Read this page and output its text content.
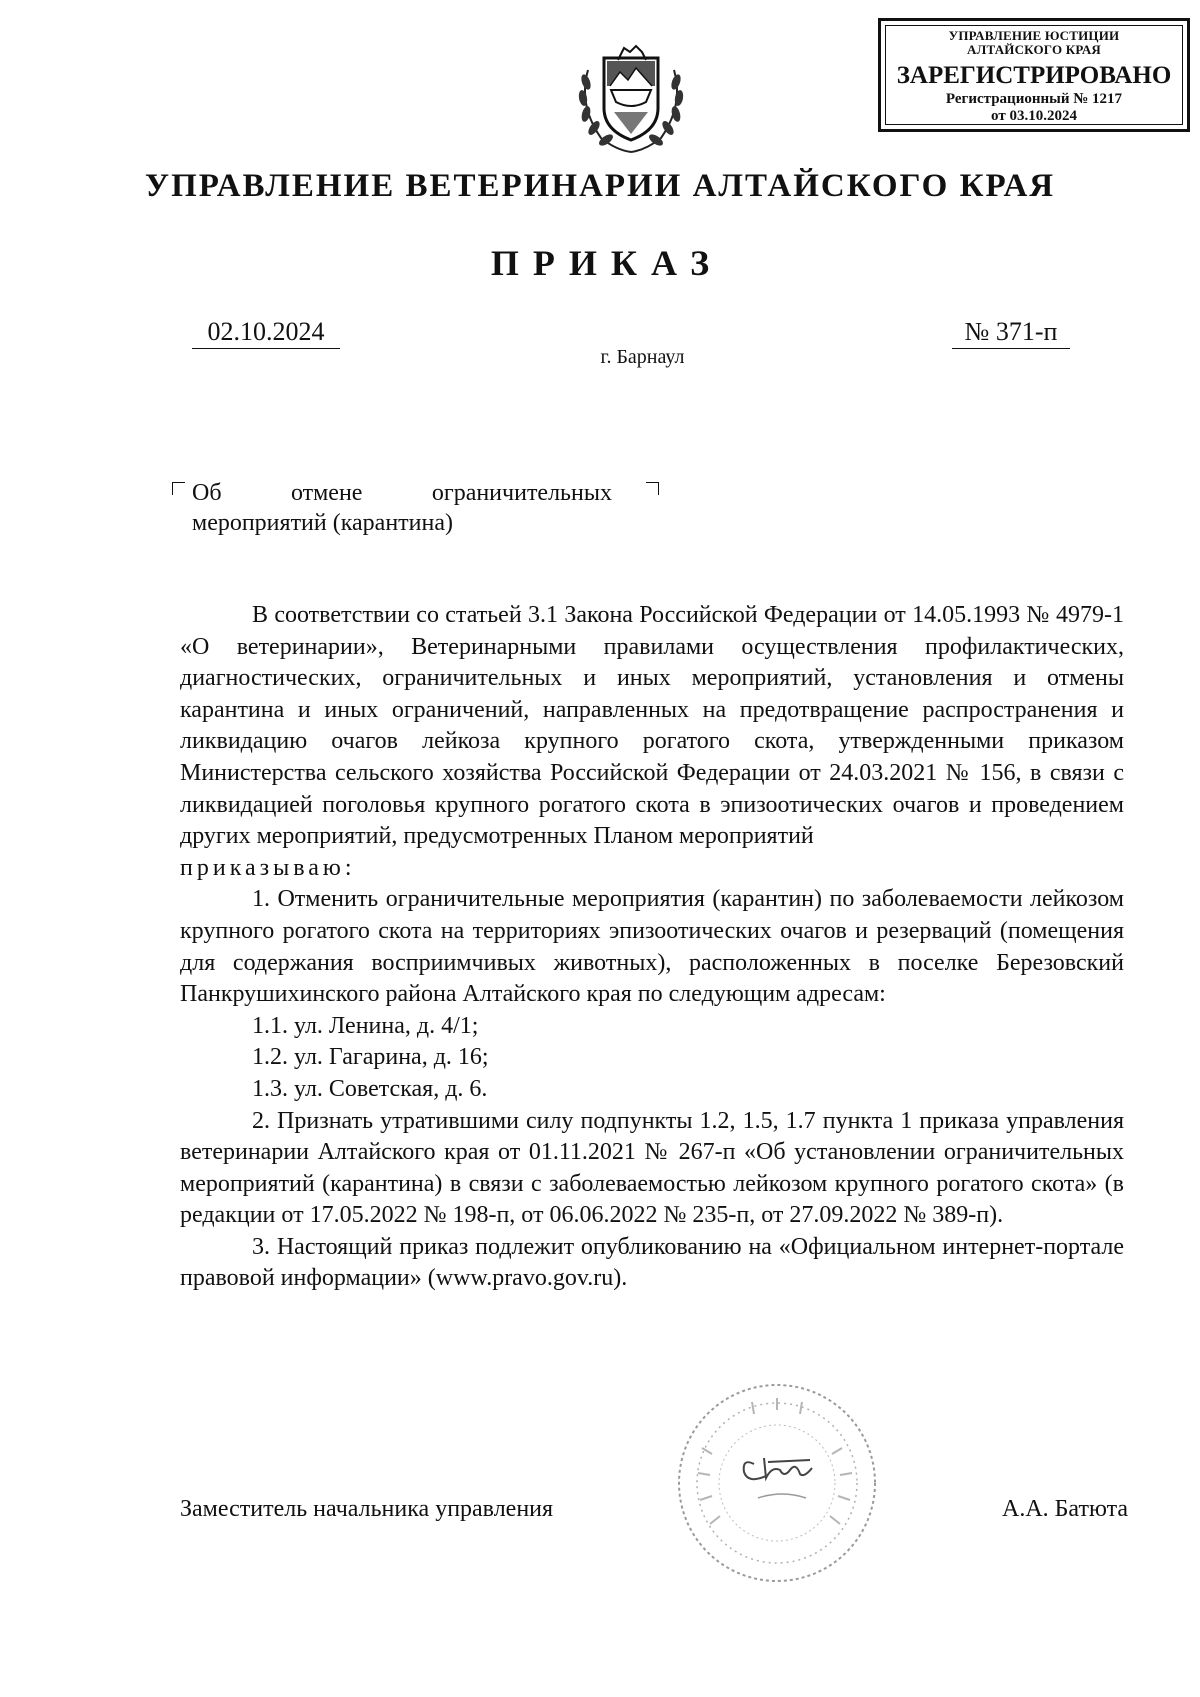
УПРАВЛЕНИЕ ЮСТИЦИИ
АЛТАЙСКОГО КРАЯ
ЗАРЕГИСТРИРОВАНО
Регистрационный № 1217
от 03.10.2024
УПРАВЛЕНИЕ ВЕТЕРИНАРИИ АЛТАЙСКОГО КРАЯ
ПРИКАЗ
02.10.2024	№ 371-п
г. Барнаул
Об	отмене	ограничительных
мероприятий (карантина)

В соответствии со статьей 3.1 Закона Российской Федерации от 14.05.1993 № 4979-1 «О ветеринарии», Ветеринарными правилами осуществления профилактических, диагностических, ограничительных и иных мероприятий, установления и отмены карантина и иных ограничений, направленных на предотвращение распространения и ликвидацию очагов лейкоза крупного рогатого скота, утвержденными приказом Министерства сельского хозяйства Российской Федерации от 24.03.2021 № 156, в связи с ликвидацией поголовья крупного рогатого скота в эпизоотических очагов и проведением других мероприятий, предусмотренных Планом мероприятий

приказываю:

1. Отменить ограничительные мероприятия (карантин) по заболеваемости лейкозом крупного рогатого скота на территориях эпизоотических очагов и резерваций (помещения для содержания восприимчивых животных), расположенных в поселке Березовский Панкрушихинского района Алтайского края по следующим адресам:

1.1. ул. Ленина, д. 4/1;

1.2. ул. Гагарина, д. 16;

1.3. ул. Советская, д. 6.

2. Признать утратившими силу подпункты 1.2, 1.5, 1.7 пункта 1 приказа управления ветеринарии Алтайского края от 01.11.2021 № 267-п «Об установлении ограничительных мероприятий (карантина) в связи с заболеваемостью лейкозом крупного рогатого скота» (в редакции от 17.05.2022 № 198-п, от 06.06.2022 № 235-п, от 27.09.2022 № 389-п).

3. Настоящий приказ подлежит опубликованию на «Официальном интернет-портале правовой информации» (www.pravo.gov.ru).

Заместитель начальника управления	А.А. Батюта
